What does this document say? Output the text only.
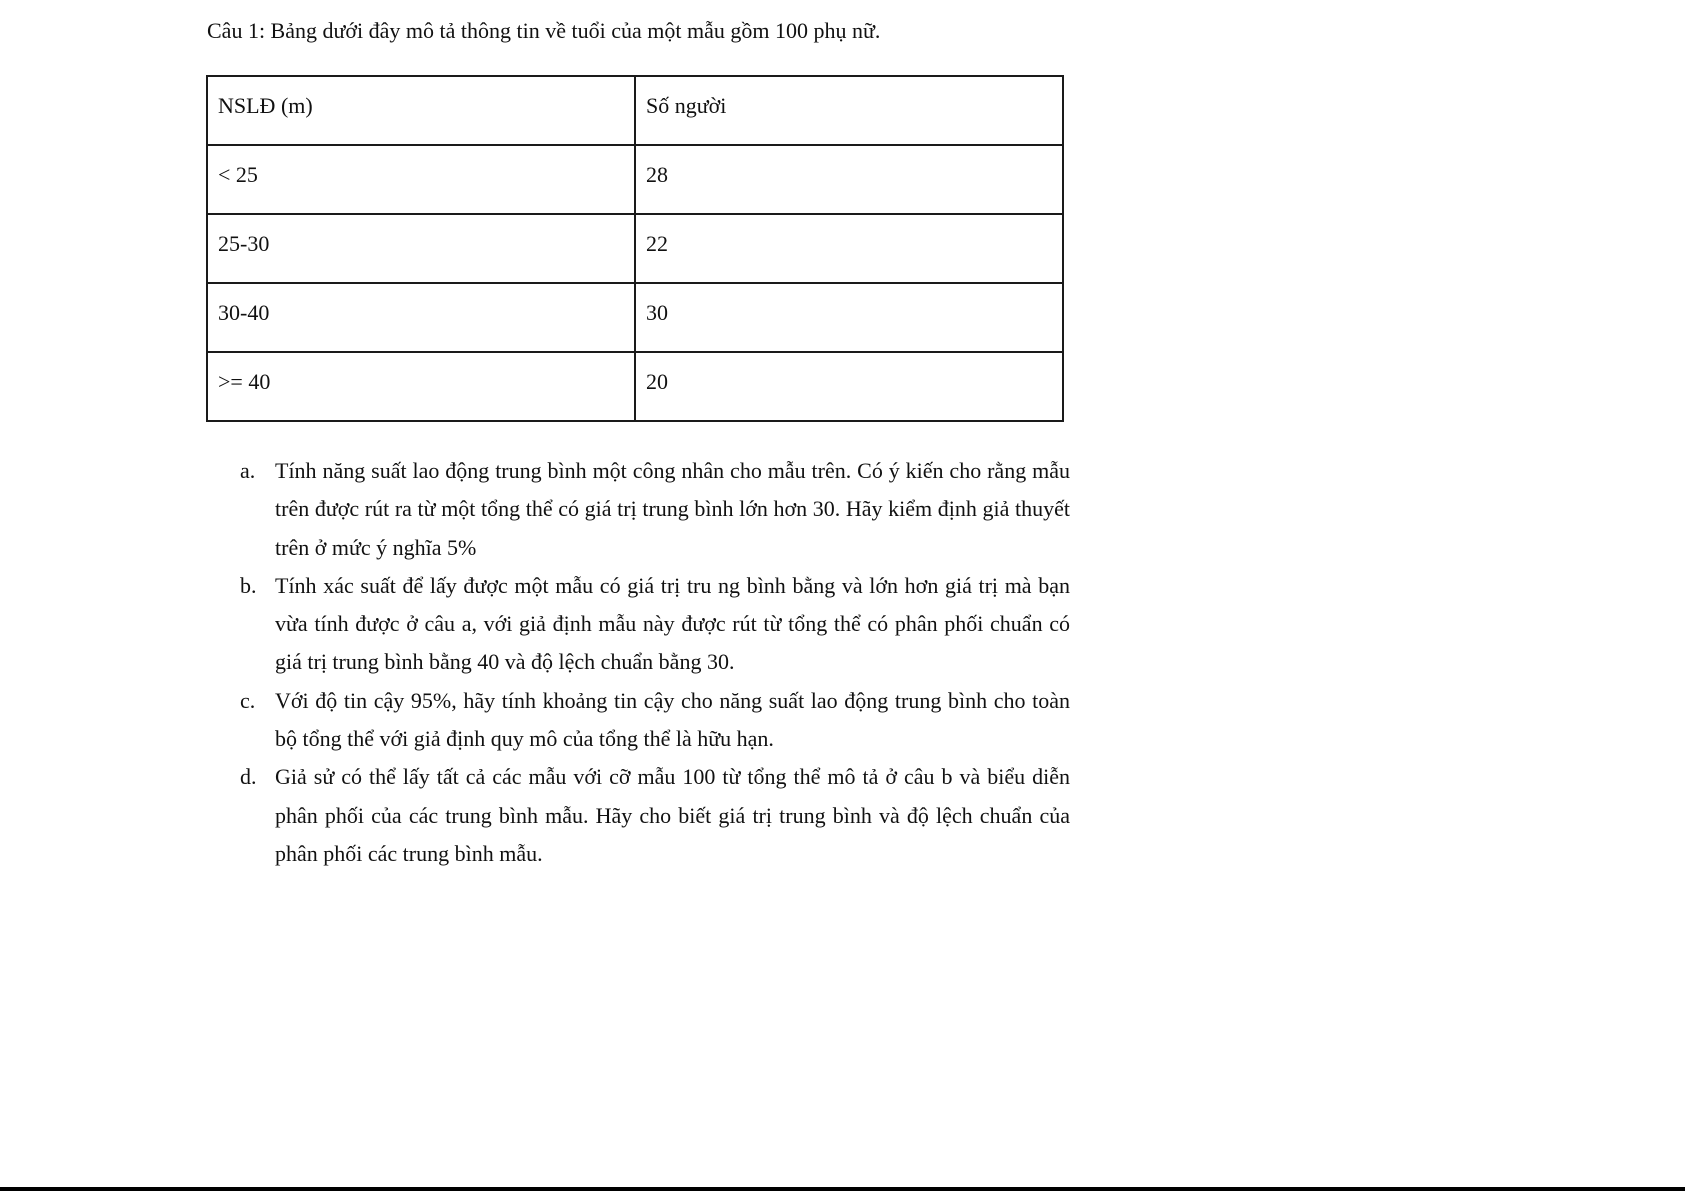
Câu 1: Bảng dưới đây mô tả thông tin về tuổi của một mẫu gồm 100 phụ nữ.
NSLĐ (m)	Số người
< 25	28
25-30	22
30-40	30
>= 40	20
a. Tính năng suất lao động trung bình một công nhân cho mẫu trên. Có ý kiến cho rằng mẫu trên được rút ra từ một tổng thể có giá trị trung bình lớn hơn 30. Hãy kiểm định giả thuyết trên ở mức ý nghĩa 5%
b. Tính xác suất để lấy được một mẫu có giá trị tru ng bình bằng và lớn hơn giá trị mà bạn vừa tính được ở câu a, với giả định mẫu này được rút từ tổng thể có phân phối chuẩn có giá trị trung bình bằng 40 và độ lệch chuẩn bằng 30.
c. Với độ tin cậy 95%, hãy tính khoảng tin cậy cho năng suất lao động trung bình cho toàn bộ tổng thể với giả định quy mô của tổng thể là hữu hạn.
d. Giả sử có thể lấy tất cả các mẫu với cỡ mẫu 100 từ tổng thể mô tả ở câu b và biểu diễn phân phối của các trung bình mẫu. Hãy cho biết giá trị trung bình và độ lệch chuẩn của phân phối các trung bình mẫu.
